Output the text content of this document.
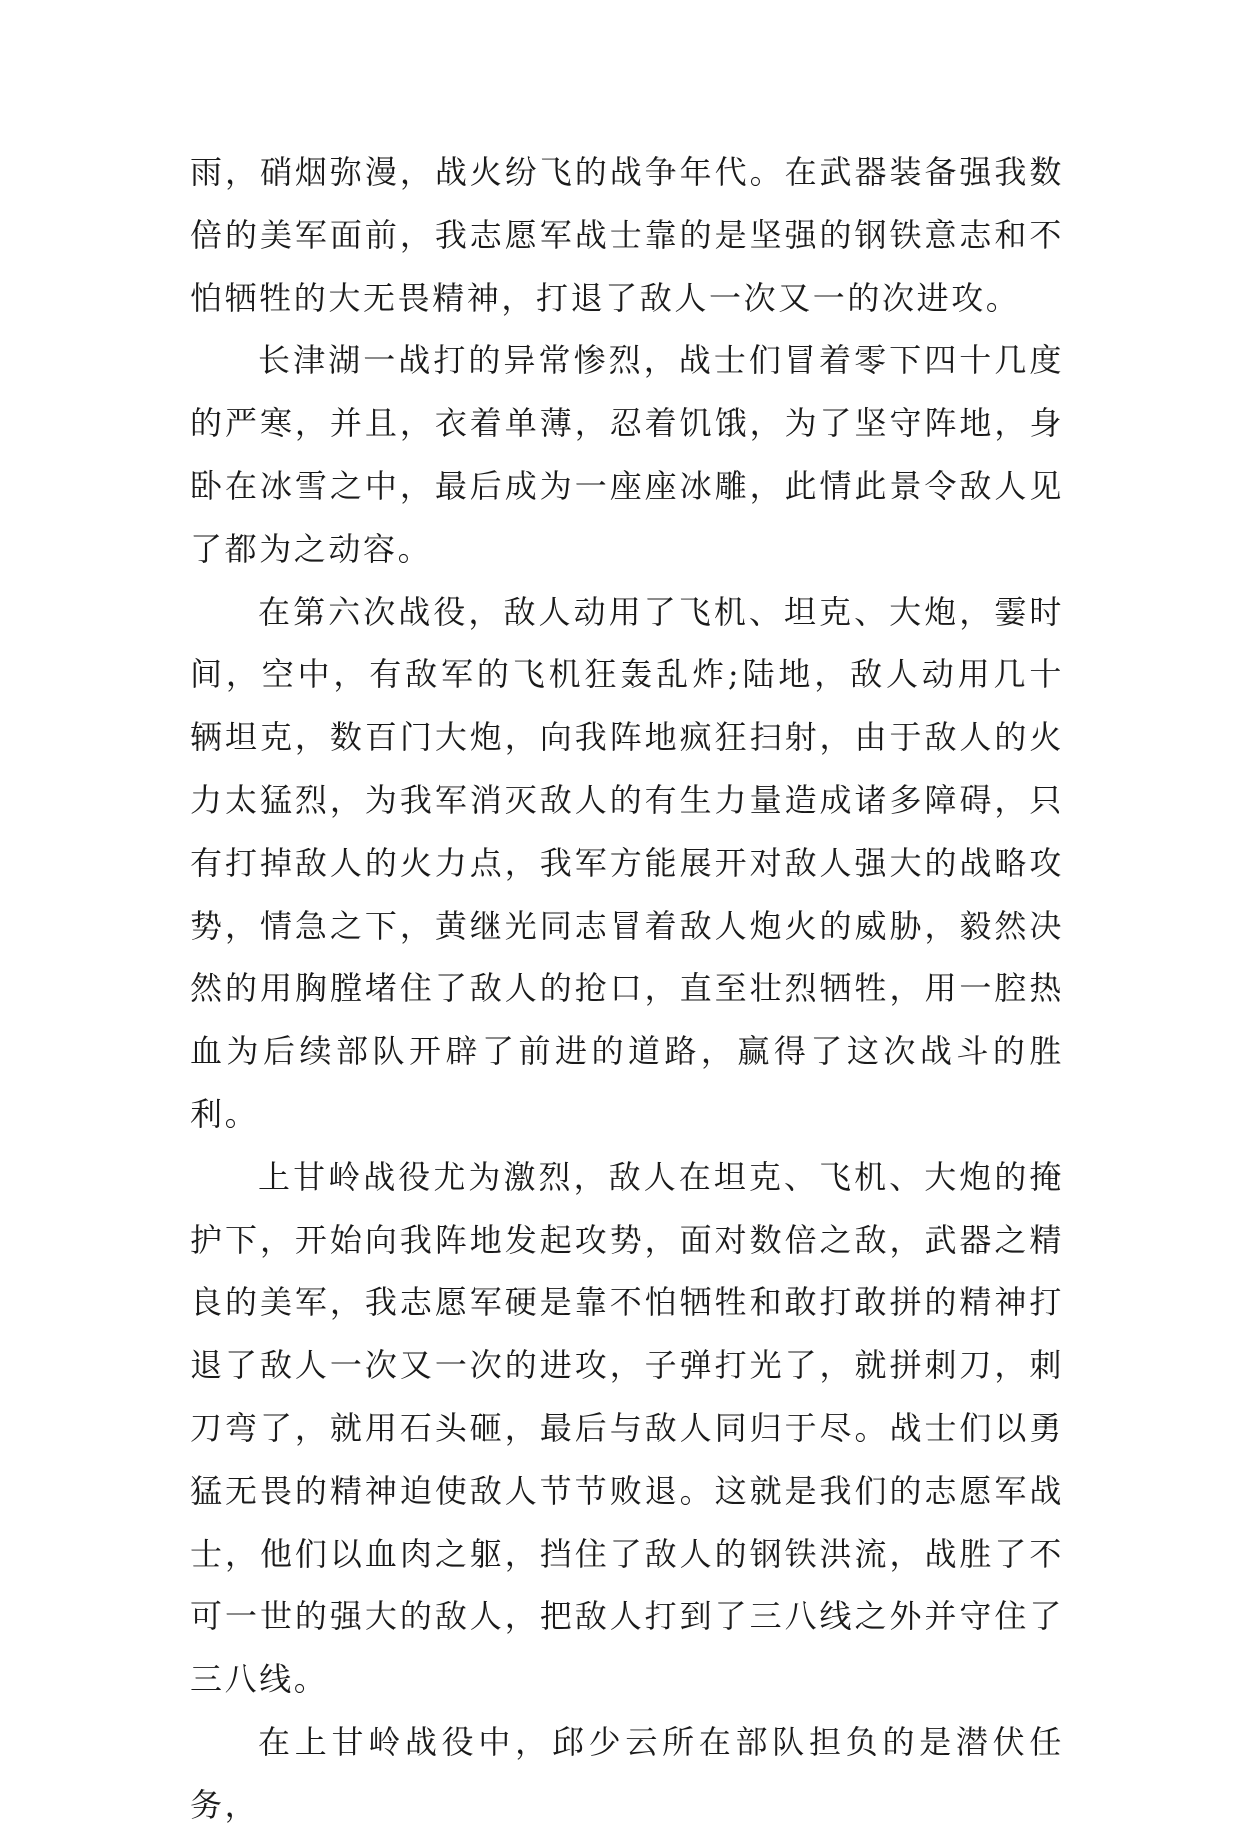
雨，硝烟弥漫，战火纷飞的战争年代。在武器装备强我数倍的美军面前，我志愿军战士靠的是坚强的钢铁意志和不怕牺牲的大无畏精神，打退了敌人一次又一的次进攻。

长津湖一战打的异常惨烈，战士们冒着零下四十几度的严寒，并且，衣着单薄，忍着饥饿，为了坚守阵地，身卧在冰雪之中，最后成为一座座冰雕，此情此景令敌人见了都为之动容。

在第六次战役，敌人动用了飞机、坦克、大炮，霎时间，空中，有敌军的飞机狂轰乱炸;陆地，敌人动用几十辆坦克，数百门大炮，向我阵地疯狂扫射，由于敌人的火力太猛烈，为我军消灭敌人的有生力量造成诸多障碍，只有打掉敌人的火力点，我军方能展开对敌人强大的战略攻势，情急之下，黄继光同志冒着敌人炮火的威胁，毅然决然的用胸膛堵住了敌人的抢口，直至壮烈牺牲，用一腔热血为后续部队开辟了前进的道路，赢得了这次战斗的胜利。

上甘岭战役尤为激烈，敌人在坦克、飞机、大炮的掩护下，开始向我阵地发起攻势，面对数倍之敌，武器之精良的美军，我志愿军硬是靠不怕牺牲和敢打敢拼的精神打退了敌人一次又一次的进攻，子弹打光了，就拼刺刀，刺刀弯了，就用石头砸，最后与敌人同归于尽。战士们以勇猛无畏的精神迫使敌人节节败退。这就是我们的志愿军战士，他们以血肉之躯，挡住了敌人的钢铁洪流，战胜了不可一世的强大的敌人，把敌人打到了三八线之外并守住了三八线。

在上甘岭战役中，邱少云所在部队担负的是潜伏任务，
